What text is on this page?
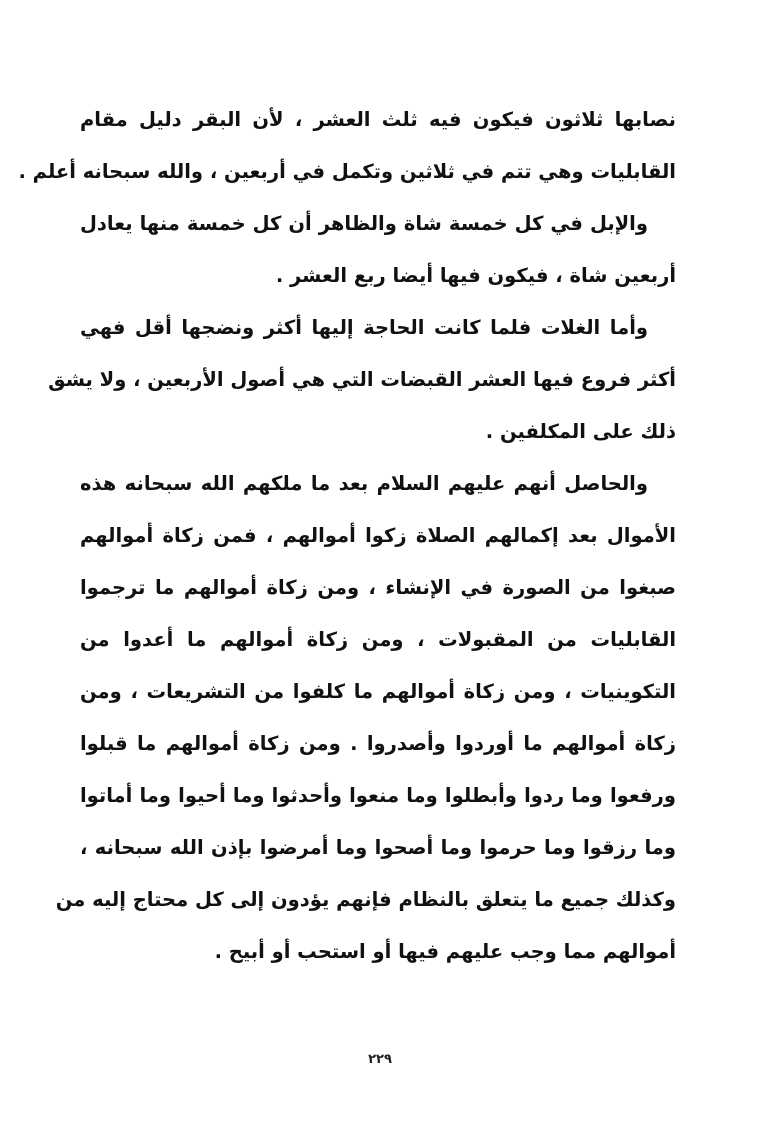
نصابها ثلاثون فيكون فيه ثلث العشر ، لأن البقر دليل مقام
القابليات وهي تتم في ثلاثين وتكمل في أربعين ، والله سبحانه أعلم .
والإبل في كل خمسة شاة والظاهر أن كل خمسة منها يعادل
أربعين شاة ، فيكون فيها أيضا ربع العشر .
وأما الغلات فلما كانت الحاجة إليها أكثر ونضجها أقل فهي
أكثر فروع فيها العشر القبضات التي هي أصول الأربعين ، ولا يشق
ذلك على المكلفين .
والحاصل أنهم عليهم السلام بعد ما ملكهم الله سبحانه هذه
الأموال بعد إكمالهم الصلاة زكوا أموالهم ، فمن زكاة أموالهم
صبغوا من الصورة في الإنشاء ، ومن زكاة أموالهم ما ترجموا
القابليات من المقبولات ، ومن زكاة أموالهم ما أعدوا من
التكوينيات ، ومن زكاة أموالهم ما كلفوا من التشريعات ، ومن
زكاة أموالهم ما أوردوا وأصدروا . ومن زكاة أموالهم ما قبلوا
ورفعوا وما ردوا وأبطلوا وما منعوا وأحدثوا وما أحيوا وما أماتوا
وما رزقوا وما حرموا وما أصحوا وما أمرضوا بإذن الله سبحانه ،
وكذلك جميع ما يتعلق بالنظام فإنهم يؤدون إلى كل محتاج إليه من
أموالهم مما وجب عليهم فيها أو استحب أو أبيح .
٢٢٩
